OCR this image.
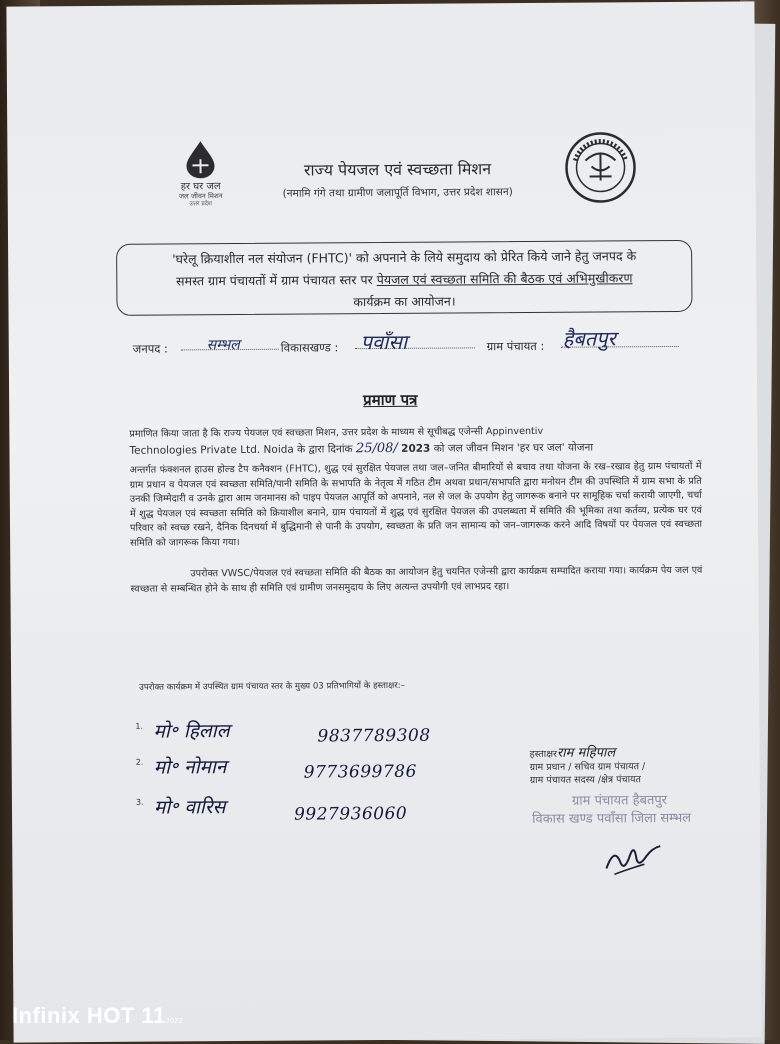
हर घर जल
जल जीवन मिशन
उत्तर प्रदेश
राज्य पेयजल एवं स्वच्छता मिशन
(नमामि गंगे तथा ग्रामीण जलापूर्ति विभाग, उत्तर प्रदेश शासन)
'घरेलू क्रियाशील नल संयोजन (FHTC)' को अपनाने के लिये समुदाय को प्रेरित किये जाने हेतु जनपद के
समस्त ग्राम पंचायतों में ग्राम पंचायत स्तर पर पेयजल एवं स्वच्छता समिति की बैठक एवं अभिमुखीकरण
कार्यक्रम का आयोजन।
जनपद :	सम्भल	विकासखण्ड : पवाँसा	ग्राम पंचायत : हैबतपुर
प्रमाण पत्र
प्रमाणित किया जाता है कि राज्य पेयजल एवं स्वच्छता मिशन, उत्तर प्रदेश के माध्यम से सूचीबद्ध एजेन्सी Appinventiv
Technologies Private Ltd. Noida के द्वारा दिनांक 25/08/ 2023 को जल जीवन मिशन 'हर घर जल' योजना
अन्तर्गत फंक्शनल हाउस होल्ड टैप कनैक्शन (FHTC), शुद्ध एवं सुरक्षित पेयजल तथा जल–जनित बीमारियों से बचाव तथा योजना के रख–रखाव हेतु ग्राम पंचायतों में ग्राम प्रधान व पेयजल एवं स्वच्छता समिति/पानी समिति के सभापति के नेतृत्व में गठित टीम अथवा प्रधान/सभापति द्वारा मनोयन टीम की उपस्थिति में ग्राम सभा के प्रति उनकी जिम्मेदारी व उनके द्वारा आम जनमानस को पाइप पेयजल आपूर्ति को अपनाने, नल से जल के उपयोग हेतु जागरूक बनाने पर सामूहिक चर्चा करायी जाएगी, चर्चा में शुद्ध पेयजल एवं स्वच्छता समिति को क्रियाशील बनाने, ग्राम पंचायतों में शुद्ध एवं सुरक्षित पेयजल की उपलब्धता में समिति की भूमिका तथा कर्तव्य, प्रत्येक घर एवं परिवार को स्वच्छ रखने, दैनिक दिनचर्या में बुद्धिमानी से पानी के उपयोग, स्वच्छता के प्रति जन सामान्य को जन–जागरूक करने आदि विषयों पर पेयजल एवं स्वच्छता समिति को जागरूक किया गया।
उपरोक्त VWSC/पेयजल एवं स्वच्छता समिति की बैठक का आयोजन हेतु चयनित एजेन्सी द्वारा कार्यक्रम सम्पादित कराया गया। कार्यक्रम पेय जल एवं स्वच्छता से सम्बन्धित होने के साथ ही समिति एवं ग्रामीण जनसमुदाय के लिए अत्यन्त उपयोगी एवं लाभप्रद रहा।
उपरोक्त कार्यक्रम में उपस्थित ग्राम पंचायत स्तर के मुख्य 03 प्रतिभागियों के हस्ताक्षर:–
1. मो॰ हिलाल	9837789308
2. मो॰ नोमान	9773699786
3. मो॰ वारिस	9927936060
हस्ताक्षरराम महिपाल
ग्राम प्रधान / सचिव ग्राम पंचायत /
ग्राम पंचायत सदस्य /क्षेत्र पंचायत
ग्राम पंचायत हैबतपुर
विकास खण्ड पवाँसा जिला सम्भल
Infinix HOT 112022
